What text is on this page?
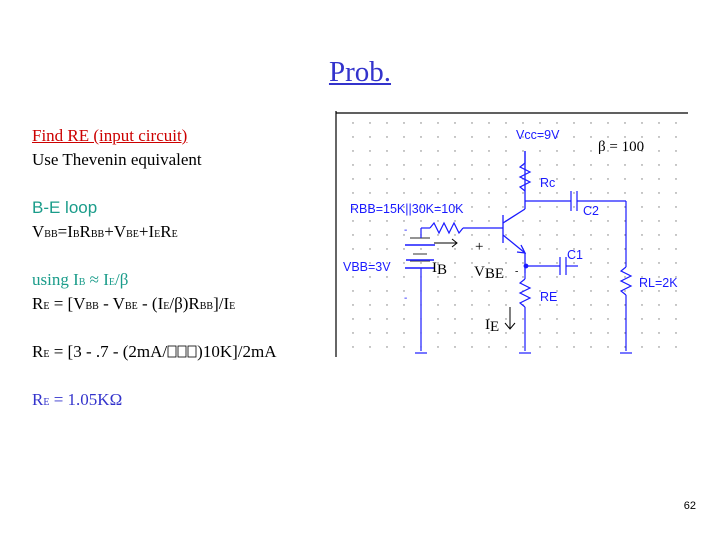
Prob.
Find RE (input circuit)
Use Thevenin equivalent
B-E loop
VBB=IBRBB+VBE+IERE
using IB ≈ IE/β
RE = [VBB - VBE - (IE/β)RBB]/IE
RE = [3 - .7 - (2mA/ )10K]/2mA
RE = 1.05KΩ
-
-
RBB=15K||30K=10K
VBB=3V	IB
Vcc=9V
Rc
C2
C1
RE
RL=2K
+
VBE -
IE
β = 100
62
